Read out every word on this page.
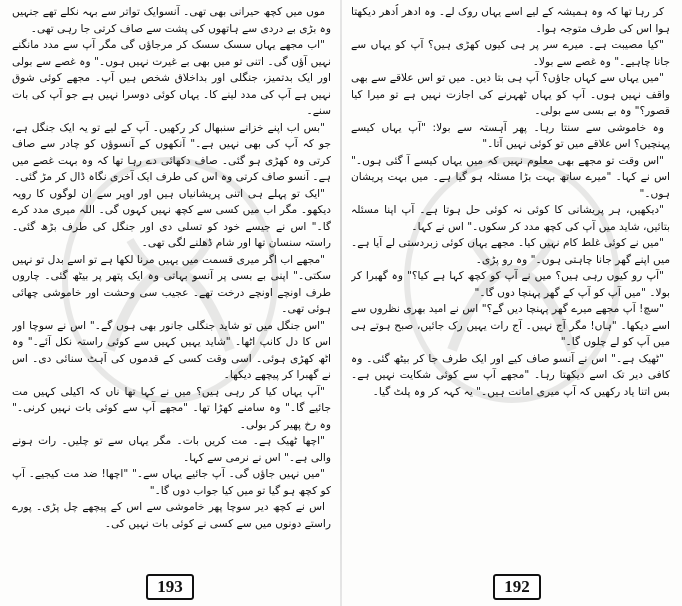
موں میں کچھ حیرانی بھی تھی۔ آنسوایک تواتر سے بہہ نکلے تھے جنہیں وہ بڑی بے دردی سے ہاتھوں کی پشت سے صاف کرتی جا رہی تھی۔

"اب مجھے یہاں سسک سسک کر مرجاؤں گی مگر آپ سے مدد مانگنے نہیں آؤں گی۔ اتنی تو میں بھی بے غیرت نہیں ہوں۔" وہ غصے سے بولی اور ایک بدتمیز، جنگلی اور بداخلاق شخص ہیں آپ۔ مجھے کوئی شوق نہیں ہے آپ کی مدد لینے کا۔ یہاں کوئی دوسرا نہیں ہے جو آپ کی بات سنے۔

"بس اب اپنے خزانے سنبھال کر رکھیں۔ آپ کے لیے تو یہ ایک جنگل ہے، جو کہ آپ کی بھی نہیں ہے۔" آنکھوں کے آنسوؤں کو چادر سے صاف کرتی وہ کھڑی ہو گئی۔ صاف دکھائی دے رہا تھا کہ وہ بہت غصے میں ہے۔ آنسو صاف کرتی وہ اس کی طرف ایک آخری نگاہ ڈال کر مڑ گئی۔

"ایک تو پہلے ہی اتنی پریشانیاں ہیں اور اوپر سے ان لوگوں کا رویہ دیکھو۔ مگر اب میں کسی سے کچھ نہیں کہوں گی۔ اللہ میری مدد کرے گا۔" اس نے جیسے خود کو تسلی دی اور جنگل کی طرف بڑھ گئی۔ راستہ سنسان تھا اور شام ڈھلنے لگی تھی۔

"مجھے اب اگر میری قسمت میں یہیں مرنا لکھا ہے تو اسے بدل تو نہیں سکتی۔" اپنی بے بسی پر آنسو بہاتی وہ ایک پتھر پر بیٹھ گئی۔ چاروں طرف اونچے اونچے درخت تھے۔ عجیب سی وحشت اور خاموشی چھائی ہوئی تھی۔

"اس جنگل میں تو شاید جنگلی جانور بھی ہوں گے۔" اس نے سوچا اور اس کا دل کانپ اٹھا۔ "شاید یہیں کہیں سے کوئی راستہ نکل آئے۔" وہ اٹھ کھڑی ہوئی۔ اسی وقت کسی کے قدموں کی آہٹ سنائی دی۔ اس نے گھبرا کر پیچھے دیکھا۔

"آپ یہاں کیا کر رہی ہیں؟ میں نے کہا تھا ناں کہ اکیلی کہیں مت جائیے گا۔" وہ سامنے کھڑا تھا۔ "مجھے آپ سے کوئی بات نہیں کرنی۔" وہ رخ پھیر کر بولی۔

"اچھا ٹھیک ہے۔ مت کریں بات۔ مگر یہاں سے تو چلیں۔ رات ہونے والی ہے۔" اس نے نرمی سے کہا۔

"میں نہیں جاؤں گی۔ آپ جائیے یہاں سے۔" "اچھا! ضد مت کیجیے۔ آپ کو کچھ ہو گیا تو میں کیا جواب دوں گا۔"

اس نے کچھ دیر سوچا پھر خاموشی سے اس کے پیچھے چل پڑی۔ پورے راستے دونوں میں سے کسی نے کوئی بات نہیں کی۔

193

کر رہا تھا کہ وہ ہمیشہ کے لیے اسے یہاں روک لے۔ وہ ادھر اُدھر دیکھتا ہوا اس کی طرف متوجہ ہوا۔

"کیا مصیبت ہے۔ میرے سر پر ہی کیوں کھڑی ہیں؟ آپ کو یہاں سے جانا چاہیے۔" وہ غصے سے بولا۔

"میں یہاں سے کہاں جاؤں؟ آپ ہی بتا دیں۔ میں تو اس علاقے سے بھی واقف نہیں ہوں۔ آپ کو یہاں ٹھہرنے کی اجازت نہیں ہے تو میرا کیا قصور؟" وہ بے بسی سے بولی۔

وہ خاموشی سے سنتا رہا۔ پھر آہستہ سے بولا: "آپ یہاں کیسے پہنچیں؟ اس علاقے میں تو کوئی نہیں آتا۔"

"اس وقت تو مجھے بھی معلوم نہیں کہ میں یہاں کیسے آ گئی ہوں۔" اس نے کہا۔ "میرے ساتھ بہت بڑا مسئلہ ہو گیا ہے۔ میں بہت پریشان ہوں۔"

"دیکھیں، ہر پریشانی کا کوئی نہ کوئی حل ہوتا ہے۔ آپ اپنا مسئلہ بتائیں، شاید میں آپ کی کچھ مدد کر سکوں۔" اس نے کہا۔

"میں نے کوئی غلط کام نہیں کیا۔ مجھے یہاں کوئی زبردستی لے آیا ہے۔ میں اپنے گھر جانا چاہتی ہوں۔" وہ رو پڑی۔

"آپ رو کیوں رہی ہیں؟ میں نے آپ کو کچھ کہا ہے کیا؟" وہ گھبرا کر بولا۔ "میں آپ کو آپ کے گھر پہنچا دوں گا۔"

"سچ! آپ مجھے میرے گھر پہنچا دیں گے؟" اس نے امید بھری نظروں سے اسے دیکھا۔ "ہاں! مگر آج نہیں۔ آج رات یہیں رک جائیں، صبح ہوتے ہی میں آپ کو لے چلوں گا۔"

"ٹھیک ہے۔" اس نے آنسو صاف کیے اور ایک طرف جا کر بیٹھ گئی۔ وہ کافی دیر تک اسے دیکھتا رہا۔ "مجھے آپ سے کوئی شکایت نہیں ہے۔ بس اتنا یاد رکھیں کہ آپ میری امانت ہیں۔" یہ کہہ کر وہ پلٹ گیا۔

192
